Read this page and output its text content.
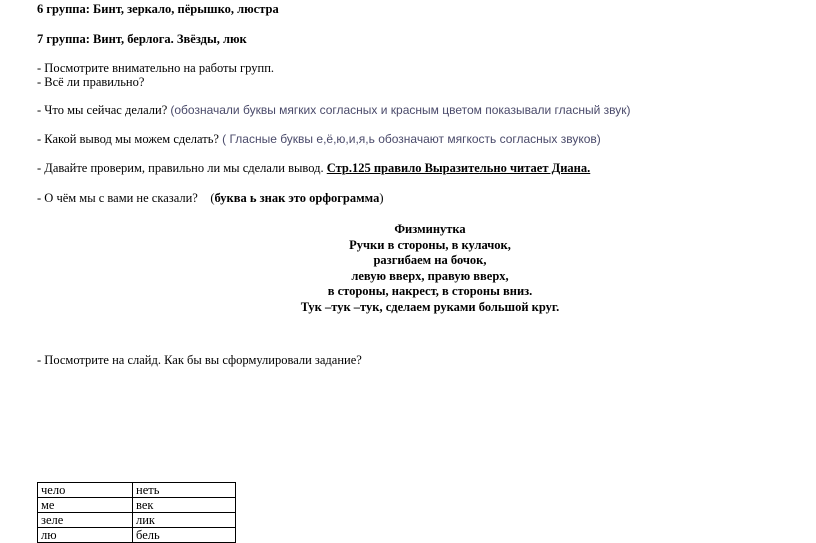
6 группа: Бинт, зеркало, пёрышко, люстра
7 группа: Винт, берлога. Звёзды, люк
- Посмотрите внимательно на работы групп.
- Всё ли правильно?
- Что мы сейчас делали? (обозначали буквы мягких согласных и красным цветом показывали гласный звук)
- Какой вывод мы можем сделать? ( Гласные буквы е,ё,ю,и,я,ь обозначают мягкость согласных звуков)
- Давайте проверим, правильно ли мы сделали вывод. Стр.125 правило Выразительно читает Диана.
- О чём мы с вами не сказали? (буква ь знак это орфограмма)
Физминутка
Ручки в стороны, в кулачок,
разгибаем на бочок,
левую вверх, правую вверх,
в стороны, накрест, в стороны вниз.
Тук –тук –тук, сделаем руками большой круг.
- Посмотрите на слайд. Как бы вы сформулировали задание?
чело	неть
ме	век
зеле	лик
лю	бель
